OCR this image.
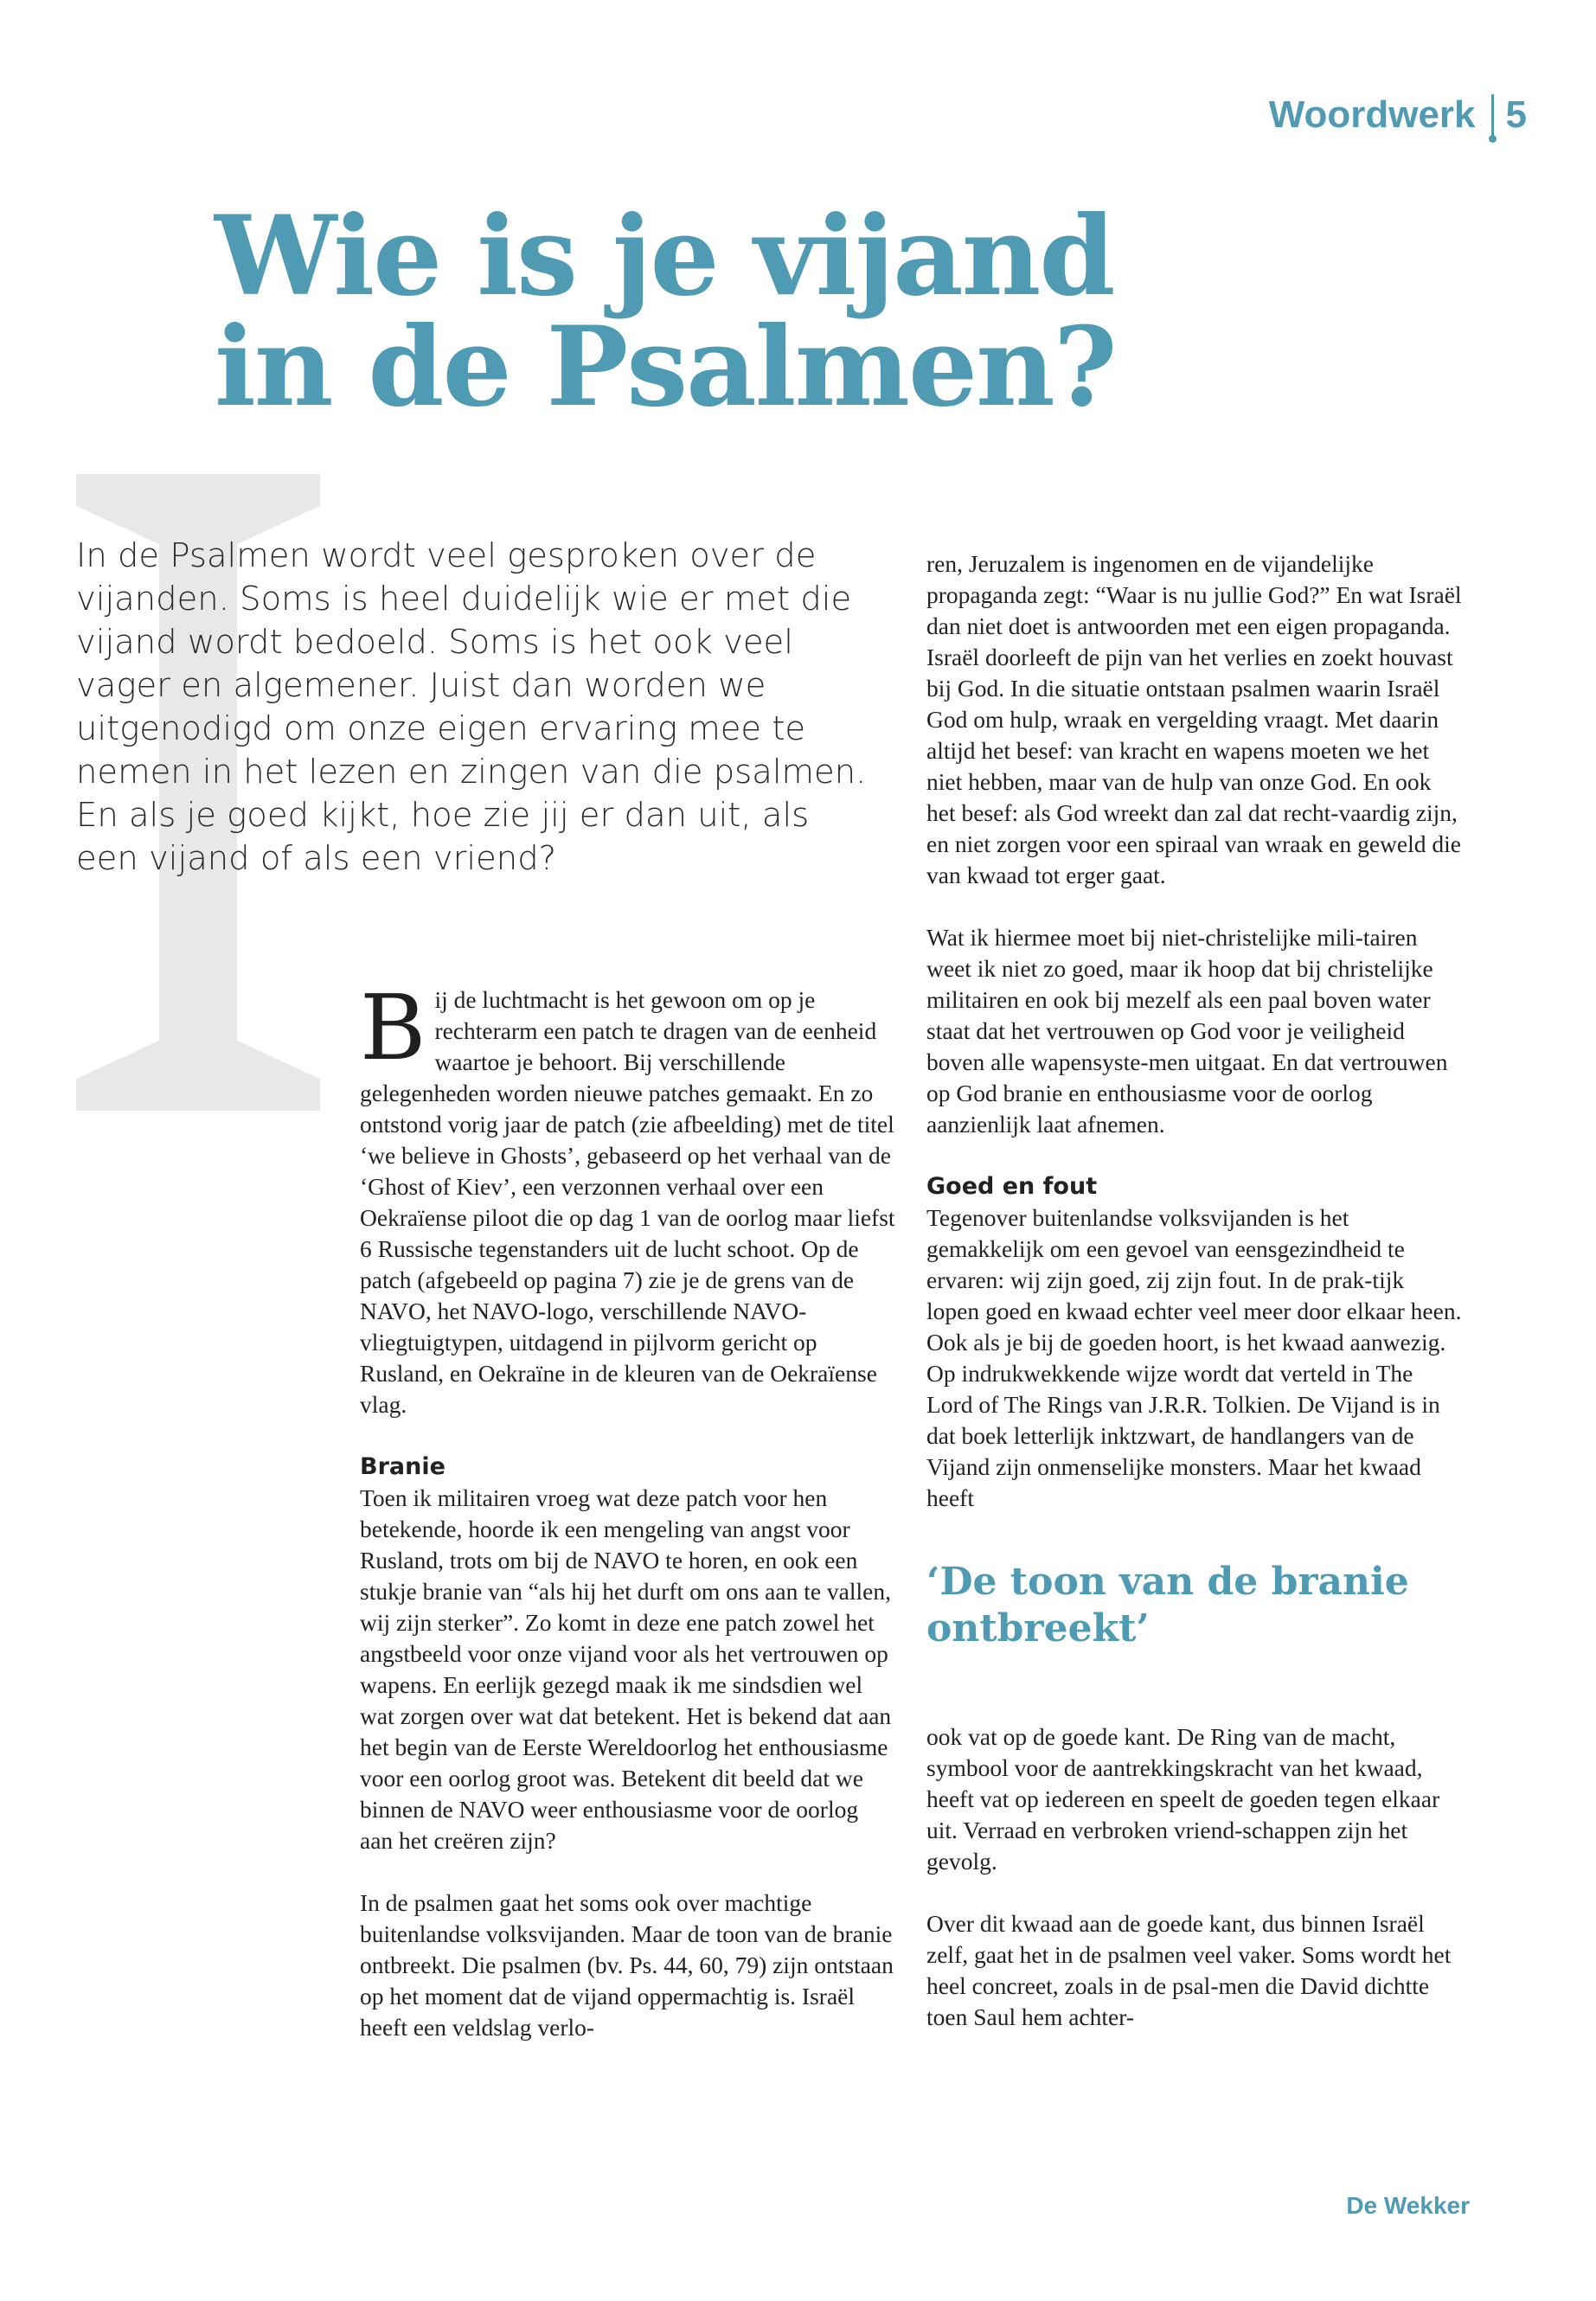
Woordwerk 5
Wie is je vijand in de Psalmen?
In de Psalmen wordt veel gesproken over de vijanden. Soms is heel duidelijk wie er met die vijand wordt bedoeld. Soms is het ook veel vager en algemener. Juist dan worden we uitgenodigd om onze eigen ervaring mee te nemen in het lezen en zingen van die psalmen. En als je goed kijkt, hoe zie jij er dan uit, als een vijand of als een vriend?

Bij de luchtmacht is het gewoon om op je rechterarm een patch te dragen van de eenheid waartoe je behoort. Bij verschillende gelegenheden worden nieuwe patches gemaakt. En zo ontstond vorig jaar de patch (zie afbeelding) met de titel ‘we believe in Ghosts’, gebaseerd op het verhaal van de ‘Ghost of Kiev’, een verzonnen verhaal over een Oekraïense piloot die op dag 1 van de oorlog maar liefst 6 Russische tegenstanders uit de lucht schoot. Op de patch (afgebeeld op pagina 7) zie je de grens van de NAVO, het NAVO-logo, verschillende NAVO-vliegtuigtypen, uitdagend in pijlvorm gericht op Rusland, en Oekraïne in de kleuren van de Oekraïense vlag.

Branie

Toen ik militairen vroeg wat deze patch voor hen betekende, hoorde ik een mengeling van angst voor Rusland, trots om bij de NAVO te horen, en ook een stukje branie van “als hij het durft om ons aan te vallen, wij zijn sterker”. Zo komt in deze ene patch zowel het angstbeeld voor onze vijand voor als het vertrouwen op wapens. En eerlijk gezegd maak ik me sindsdien wel wat zorgen over wat dat betekent. Het is bekend dat aan het begin van de Eerste Wereldoorlog het enthousiasme voor een oorlog groot was. Betekent dit beeld dat we binnen de NAVO weer enthousiasme voor de oorlog aan het creëren zijn?

In de psalmen gaat het soms ook over machtige buitenlandse volksvijanden. Maar de toon van de branie ontbreekt. Die psalmen (bv. Ps. 44, 60, 79) zijn ontstaan op het moment dat de vijand oppermachtig is. Israël heeft een veldslag verlo-

ren, Jeruzalem is ingenomen en de vijandelijke propaganda zegt: “Waar is nu jullie God?” En wat Israël dan niet doet is antwoorden met een eigen propaganda. Israël doorleeft de pijn van het verlies en zoekt houvast bij God. In die situatie ontstaan psalmen waarin Israël God om hulp, wraak en vergelding vraagt. Met daarin altijd het besef: van kracht en wapens moeten we het niet hebben, maar van de hulp van onze God. En ook het besef: als God wreekt dan zal dat recht-vaardig zijn, en niet zorgen voor een spiraal van wraak en geweld die van kwaad tot erger gaat.

Wat ik hiermee moet bij niet-christelijke mili-tairen weet ik niet zo goed, maar ik hoop dat bij christelijke militairen en ook bij mezelf als een paal boven water staat dat het vertrouwen op God voor je veiligheid boven alle wapensyste-men uitgaat. En dat vertrouwen op God branie en enthousiasme voor de oorlog aanzienlijk laat afnemen.

Goed en fout

Tegenover buitenlandse volksvijanden is het gemakkelijk om een gevoel van eensgezindheid te ervaren: wij zijn goed, zij zijn fout. In de prak-tijk lopen goed en kwaad echter veel meer door elkaar heen. Ook als je bij de goeden hoort, is het kwaad aanwezig. Op indrukwekkende wijze wordt dat verteld in The Lord of The Rings van J.R.R. Tolkien. De Vijand is in dat boek letterlijk inktzwart, de handlangers van de Vijand zijn onmenselijke monsters. Maar het kwaad heeft

‘De toon van de branie ontbreekt’

ook vat op de goede kant. De Ring van de macht, symbool voor de aantrekkingskracht van het kwaad, heeft vat op iedereen en speelt de goeden tegen elkaar uit. Verraad en verbroken vriend-schappen zijn het gevolg.

Over dit kwaad aan de goede kant, dus binnen Israël zelf, gaat het in de psalmen veel vaker. Soms wordt het heel concreet, zoals in de psal-men die David dichtte toen Saul hem achter-

De Wekker
